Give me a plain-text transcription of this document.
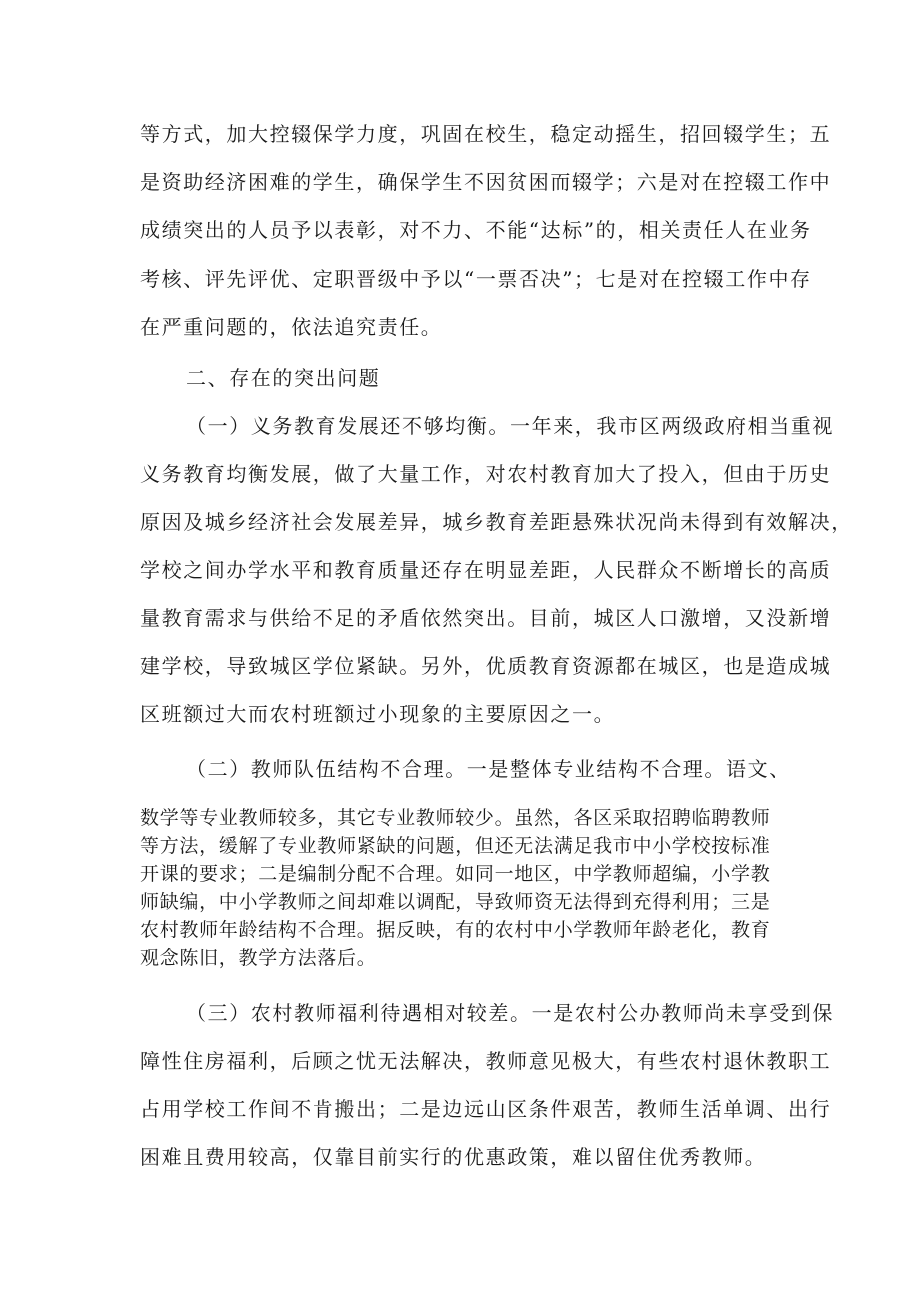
等方式，加大控辍保学力度，巩固在校生，稳定动摇生，招回辍学生；五
是资助经济困难的学生，确保学生不因贫困而辍学；六是对在控辍工作中
成绩突出的人员予以表彰，对不力、不能“达标”的，相关责任人在业务
考核、评先评优、定职晋级中予以“一票否决”；七是对在控辍工作中存
在严重问题的，依法追究责任。
二、存在的突出问题
（一）义务教育发展还不够均衡。一年来，我市区两级政府相当重视
义务教育均衡发展，做了大量工作，对农村教育加大了投入，但由于历史
原因及城乡经济社会发展差异，城乡教育差距悬殊状况尚未得到有效解决，
学校之间办学水平和教育质量还存在明显差距，人民群众不断增长的高质
量教育需求与供给不足的矛盾依然突出。目前，城区人口激增，又没新增
建学校，导致城区学位紧缺。另外，优质教育资源都在城区，也是造成城
区班额过大而农村班额过小现象的主要原因之一。
（二）教师队伍结构不合理。一是整体专业结构不合理。语文、
数学等专业教师较多，其它专业教师较少。虽然，各区采取招聘临聘教师
等方法，缓解了专业教师紧缺的问题，但还无法满足我市中小学校按标准
开课的要求；二是编制分配不合理。如同一地区，中学教师超编，小学教
师缺编，中小学教师之间却难以调配，导致师资无法得到充得利用；三是
农村教师年龄结构不合理。据反映，有的农村中小学教师年龄老化，教育
观念陈旧，教学方法落后。
（三）农村教师福利待遇相对较差。一是农村公办教师尚未享受到保
障性住房福利，后顾之忧无法解决，教师意见极大，有些农村退休教职工
占用学校工作间不肯搬出；二是边远山区条件艰苦，教师生活单调、出行
困难且费用较高，仅靠目前实行的优惠政策，难以留住优秀教师。
